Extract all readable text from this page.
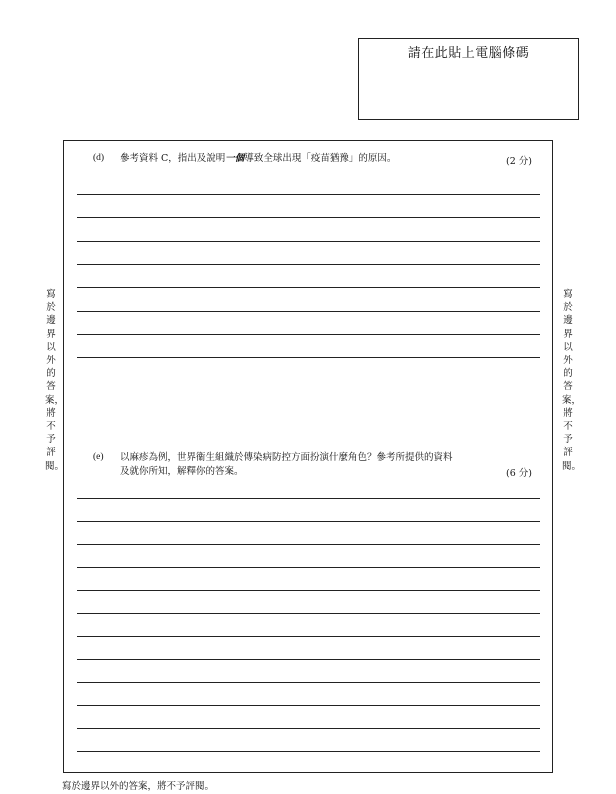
請在此貼上電腦條碼
寫於邊界以外的答案，將不予評閱。
寫於邊界以外的答案，將不予評閱。
(d) 參考資料 C，指出及說明一個導致全球出現「疫苗猶豫」的原因。	(2 分)
(e) 以麻疹為例，世界衞生組織於傳染病防控方面扮演什麼角色？參考所提供的資料
及就你所知，解釋你的答案。	(6 分)
寫於邊界以外的答案，將不予評閱。
